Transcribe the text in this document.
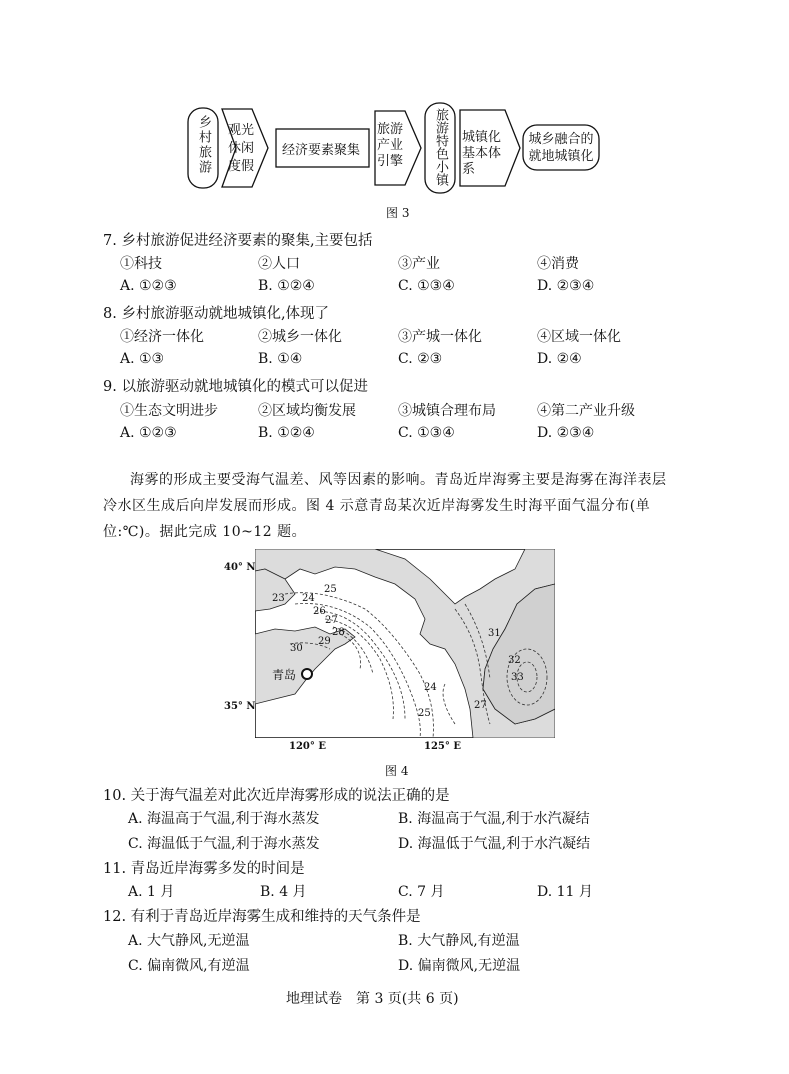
乡村旅游 观光休闲度假
经济要素聚集
旅游产业引擎	旅游特色小镇 城镇化基本体系
城乡融合的就地城镇化
图 3
7. 乡村旅游促进经济要素的聚集,主要包括
①科技	②人口	③产业	④消费
A. ①②③	B. ①②④	C. ①③④	D. ②③④
8. 乡村旅游驱动就地城镇化,体现了
①经济一体化	②城乡一体化	③产城一体化	④区域一体化
A. ①③	B. ①④	C. ②③	D. ②④
9. 以旅游驱动就地城镇化的模式可以促进
①生态文明进步	②区域均衡发展	③城镇合理布局	④第二产业升级
A. ①②③	B. ①②④	C. ①③④	D. ②③④
海雾的形成主要受海气温差、风等因素的影响。青岛近岸海雾主要是海雾在海洋表层
冷水区生成后向岸发展而形成。图 4 示意青岛某次近岸海雾发生时海平面气温分布(单
位:℃)。据此完成 10~12 题。
40° N
35° N
120° E	125° E
青岛
23 24
25
26
27
28
29
30
31
32
33
25
27
24
图 4
10. 关于海气温差对此次近岸海雾形成的说法正确的是
A. 海温高于气温,利于海水蒸发	B. 海温高于气温,利于水汽凝结
C. 海温低于气温,利于海水蒸发	D. 海温低于气温,利于水汽凝结
11. 青岛近岸海雾多发的时间是
A. 1 月	B. 4 月	C. 7 月	D. 11 月
12. 有利于青岛近岸海雾生成和维持的天气条件是
A. 大气静风,无逆温	B. 大气静风,有逆温
C. 偏南微风,有逆温	D. 偏南微风,无逆温
地理试卷　第 3 页(共 6 页)
